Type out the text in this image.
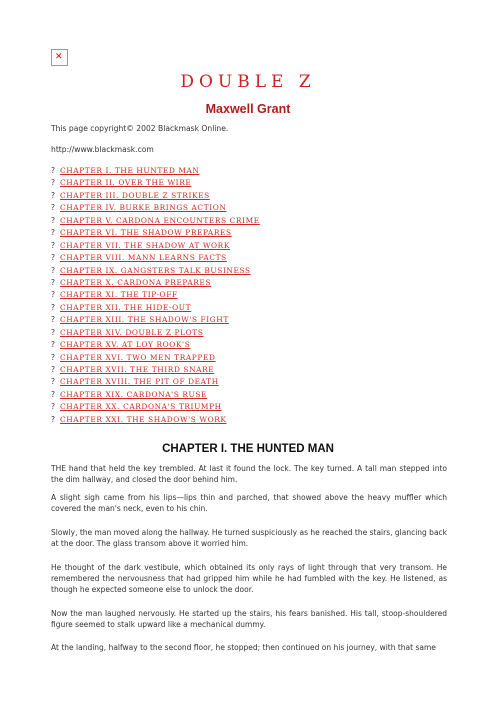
✕
DOUBLE Z
Maxwell Grant
This page copyright© 2002 Blackmask Online.
http://www.blackmask.com
? CHAPTER I. THE HUNTED MAN
? CHAPTER II. OVER THE WIRE
? CHAPTER III. DOUBLE Z STRIKES
? CHAPTER IV. BURKE BRINGS ACTION
? CHAPTER V. CARDONA ENCOUNTERS CRIME
? CHAPTER VI. THE SHADOW PREPARES
? CHAPTER VII. THE SHADOW AT WORK
? CHAPTER VIII. MANN LEARNS FACTS
? CHAPTER IX. GANGSTERS TALK BUSINESS
? CHAPTER X. CARDONA PREPARES
? CHAPTER XI. THE TIP-OFF
? CHAPTER XII. THE HIDE-OUT
? CHAPTER XIII. THE SHADOW'S FIGHT
? CHAPTER XIV. DOUBLE Z PLOTS
? CHAPTER XV. AT LOY ROOK'S
? CHAPTER XVI. TWO MEN TRAPPED
? CHAPTER XVII. THE THIRD SNARE
? CHAPTER XVIII. THE PIT OF DEATH
? CHAPTER XIX. CARDONA'S RUSE
? CHAPTER XX. CARDONA'S TRIUMPH
? CHAPTER XXI. THE SHADOW'S WORK
CHAPTER I. THE HUNTED MAN

THE hand that held the key trembled. At last it found the lock. The key turned. A tall man stepped into the dim hallway, and closed the door behind him.

A slight sigh came from his lips—lips thin and parched, that showed above the heavy muffler which covered the man's neck, even to his chin.

Slowly, the man moved along the hallway. He turned suspiciously as he reached the stairs, glancing back at the door. The glass transom above it worried him.

He thought of the dark vestibule, which obtained its only rays of light through that very transom. He remembered the nervousness that had gripped him while he had fumbled with the key. He listened, as though he expected someone else to unlock the door.

Now the man laughed nervously. He started up the stairs, his fears banished. His tall, stoop-shouldered figure seemed to stalk upward like a mechanical dummy.

At the landing, halfway to the second floor, he stopped; then continued on his journey, with that same
